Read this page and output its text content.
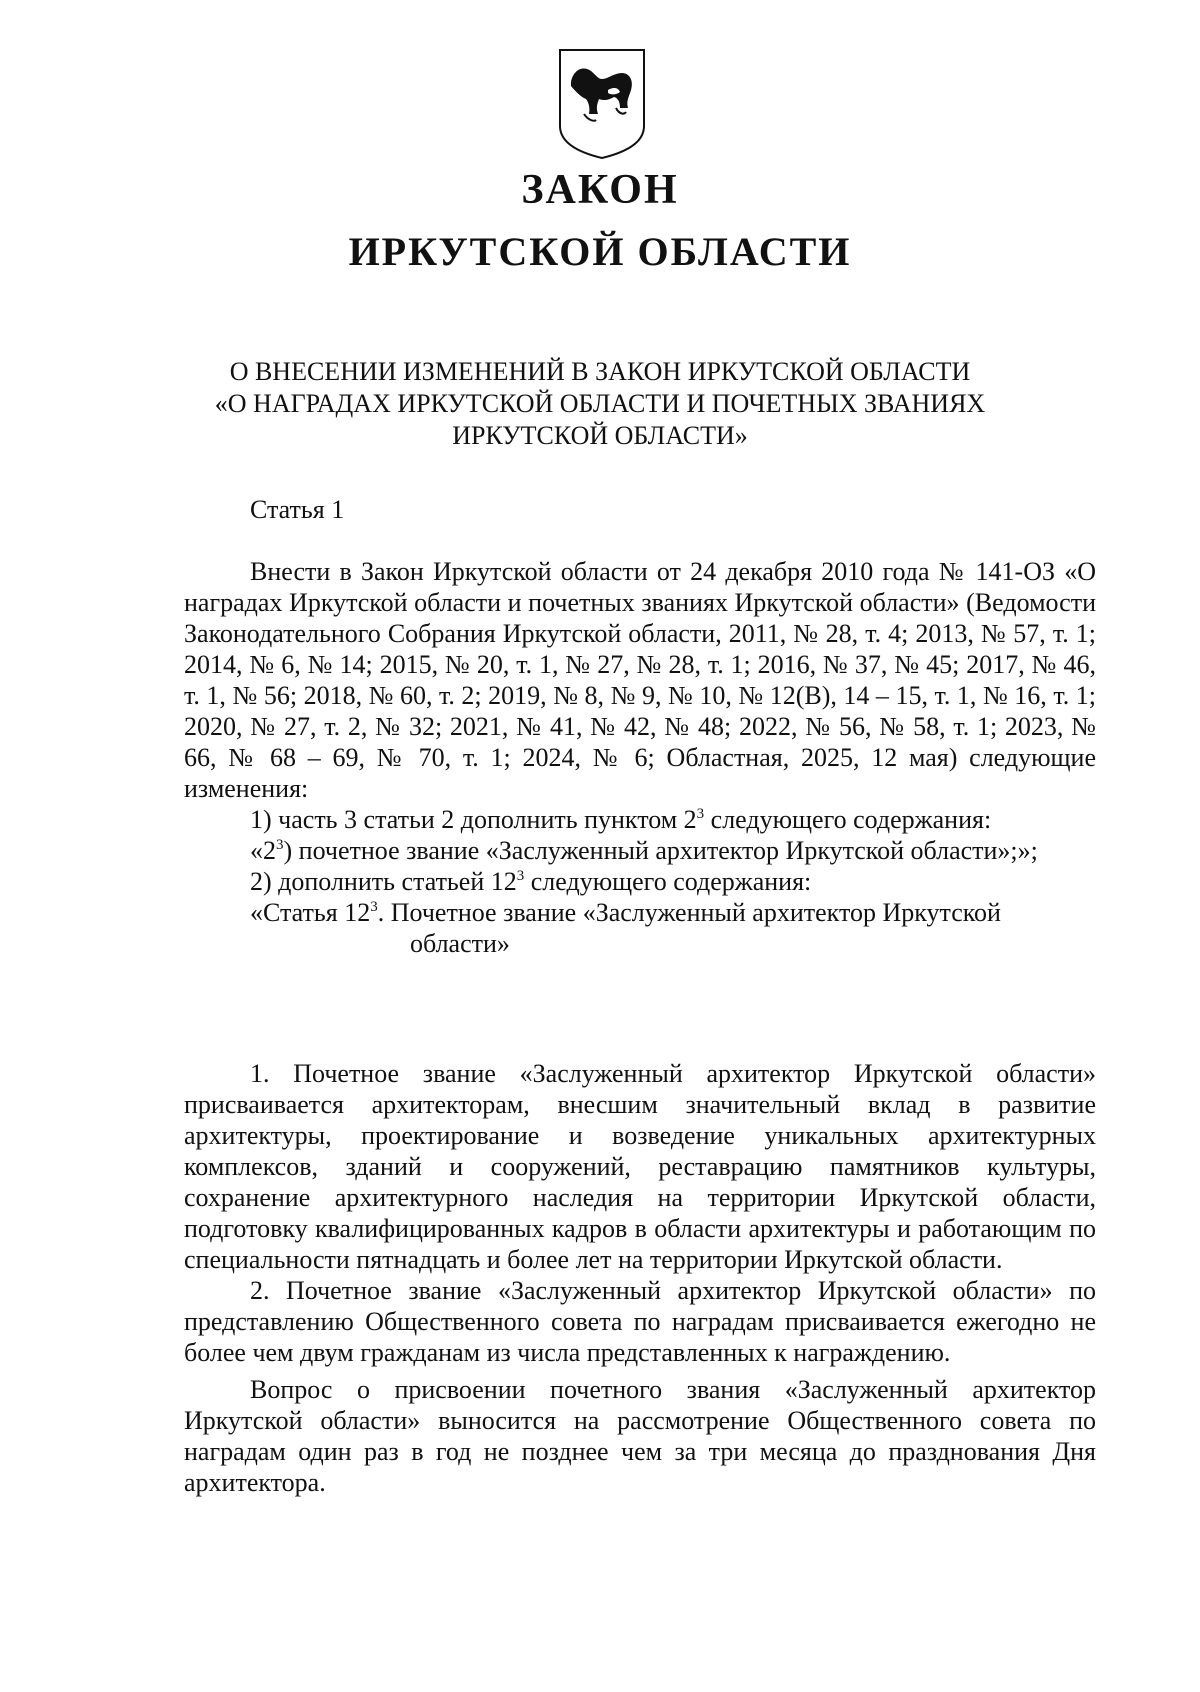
ЗАКОН
ИРКУТСКОЙ ОБЛАСТИ
О ВНЕСЕНИИ ИЗМЕНЕНИЙ В ЗАКОН ИРКУТСКОЙ ОБЛАСТИ
«О НАГРАДАХ ИРКУТСКОЙ ОБЛАСТИ И ПОЧЕТНЫХ ЗВАНИЯХ
ИРКУТСКОЙ ОБЛАСТИ»

Статья 1

Внести в Закон Иркутской области от 24 декабря 2010 года № 141-ОЗ «О наградах Иркутской области и почетных званиях Иркутской области» (Ведомости Законодательного Собрания Иркутской области, 2011, № 28, т. 4; 2013, № 57, т. 1; 2014, № 6, № 14; 2015, № 20, т. 1, № 27, № 28, т. 1; 2016, № 37, № 45; 2017, № 46, т. 1, № 56; 2018, № 60, т. 2; 2019, № 8, № 9, № 10, № 12(В), 14 – 15, т. 1, № 16, т. 1; 2020, № 27, т. 2, № 32; 2021, № 41, № 42, № 48; 2022, № 56, № 58, т. 1; 2023, № 66, № 68 – 69, № 70, т. 1; 2024, № 6; Областная, 2025, 12 мая) следующие изменения:

1) часть 3 статьи 2 дополнить пунктом $2^3$ следующего содержания:

«$2^3$) почетное звание «Заслуженный архитектор Иркутской области»;»;

2) дополнить статьей $12^3$ следующего содержания:

«Статья $12^3$. Почетное звание «Заслуженный архитектор Иркутской

области»

1. Почетное звание «Заслуженный архитектор Иркутской области» присваивается архитекторам, внесшим значительный вклад в развитие архитектуры, проектирование и возведение уникальных архитектурных комплексов, зданий и сооружений, реставрацию памятников культуры, сохранение архитектурного наследия на территории Иркутской области, подготовку квалифицированных кадров в области архитектуры и работающим по специальности пятнадцать и более лет на территории Иркутской области.

2. Почетное звание «Заслуженный архитектор Иркутской области» по представлению Общественного совета по наградам присваивается ежегодно не более чем двум гражданам из числа представленных к награждению.

Вопрос о присвоении почетного звания «Заслуженный архитектор Иркутской области» выносится на рассмотрение Общественного совета по наградам один раз в год не позднее чем за три месяца до празднования Дня архитектора.
